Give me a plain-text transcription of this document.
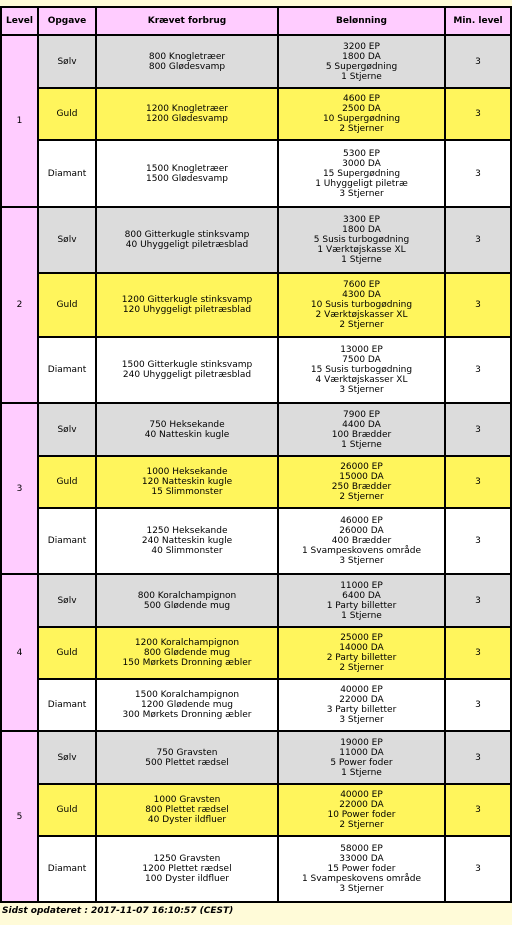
Level	Opgave	Krævet forbrug	Belønning	Min. level
1	Sølv	800 Knogletræer
800 Glødesvamp	3200 EP
1800 DA
5 Supergødning
1 Stjerne	3
	Guld	1200 Knogletræer
1200 Glødesvamp	4600 EP
2500 DA
10 Supergødning
2 Stjerner	3
	Diamant	1500 Knogletræer
1500 Glødesvamp	5300 EP
3000 DA
15 Supergødning
1 Uhyggeligt piletræ
3 Stjerner	3
2	Sølv	800 Gitterkugle stinksvamp
40 Uhyggeligt piletræsblad	3300 EP
1800 DA
5 Susis turbogødning
1 Værktøjskasse XL
1 Stjerne	3
	Guld	1200 Gitterkugle stinksvamp
120 Uhyggeligt piletræsblad	7600 EP
4300 DA
10 Susis turbogødning
2 Værktøjskasser XL
2 Stjerner	3
	Diamant	1500 Gitterkugle stinksvamp
240 Uhyggeligt piletræsblad	13000 EP
7500 DA
15 Susis turbogødning
4 Værktøjskasser XL
3 Stjerner	3
3	Sølv	750 Heksekande
40 Natteskin kugle	7900 EP
4400 DA
100 Brædder
1 Stjerne	3
	Guld	1000 Heksekande
120 Natteskin kugle
15 Slimmonster	26000 EP
15000 DA
250 Brædder
2 Stjerner	3
	Diamant	1250 Heksekande
240 Natteskin kugle
40 Slimmonster	46000 EP
26000 DA
400 Brædder
1 Svampeskovens område
3 Stjerner	3
4	Sølv	800 Koralchampignon
500 Glødende mug	11000 EP
6400 DA
1 Party billetter
1 Stjerne	3
	Guld	1200 Koralchampignon
800 Glødende mug
150 Mørkets Dronning æbler	25000 EP
14000 DA
2 Party billetter
2 Stjerner	3
	Diamant	1500 Koralchampignon
1200 Glødende mug
300 Mørkets Dronning æbler	40000 EP
22000 DA
3 Party billetter
3 Stjerner	3
5	Sølv	750 Gravsten
500 Plettet rædsel	19000 EP
11000 DA
5 Power foder
1 Stjerne	3
	Guld	1000 Gravsten
800 Plettet rædsel
40 Dyster ildfluer	40000 EP
22000 DA
10 Power foder
2 Stjerner	3
	Diamant	1250 Gravsten
1200 Plettet rædsel
100 Dyster ildfluer	58000 EP
33000 DA
15 Power foder
1 Svampeskovens område
3 Stjerner	3
Sidst opdateret : 2017-11-07 16:10:57 (CEST)
